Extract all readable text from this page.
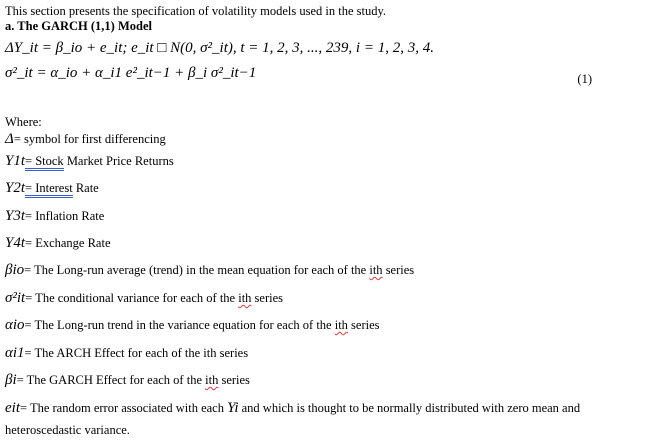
This section presents the specification of volatility models used in the study.
a. The GARCH (1,1) Model
ΔY_it = β_io + e_it; e_it □ N(0, σ²_it), t = 1, 2, 3, ..., 239, i = 1, 2, 3, 4.
σ²_it = α_io + α_i1 e²_it−1 + β_i σ²_it−1	(1)
Where:
Δ= symbol for first differencing
Y1t= Stock Market Price Returns
Y2t= Interest Rate
Y3t= Inflation Rate
Y4t= Exchange Rate
βio= The Long-run average (trend) in the mean equation for each of the ith series
σ²it= The conditional variance for each of the ith series
αio= The Long-run trend in the variance equation for each of the ith series
αi1= The ARCH Effect for each of the ith series
βi= The GARCH Effect for each of the ith series
eit= The random error associated with each Yi and which is thought to be normally distributed with zero mean and
heteroscedastic variance.
